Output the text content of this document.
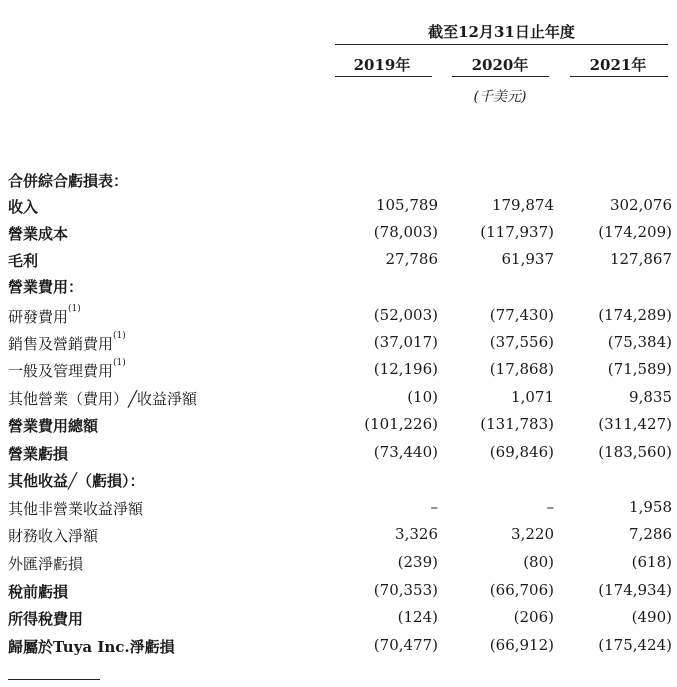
截至12月31日止年度
2019年	2020年	2021年
(千美元)
合併綜合虧損表：
收入	105,789	179,874	302,076
營業成本	(78,003)	(117,937)	(174,209)
毛利	27,786	61,937	127,867
營業費用：
研發費用$^{(1)}$	(52,003)	(77,430)	(174,289)
銷售及營銷費用$^{(1)}$	(37,017)	(37,556)	(75,384)
一般及管理費用$^{(1)}$	(12,196)	(17,868)	(71,589)
其他營業（費用）╱收益淨額	(10)	1,071	9,835
營業費用總額	(101,226)	(131,783)	(311,427)
營業虧損	(73,440)	(69,846)	(183,560)
其他收益╱（虧損）：
其他非營業收益淨額	–	–	1,958
財務收入淨額	3,326	3,220	7,286
外匯淨虧損	(239)	(80)	(618)
稅前虧損	(70,353)	(66,706)	(174,934)
所得稅費用	(124)	(206)	(490)
歸屬於Tuya Inc.淨虧損	(70,477)	(66,912)	(175,424)
